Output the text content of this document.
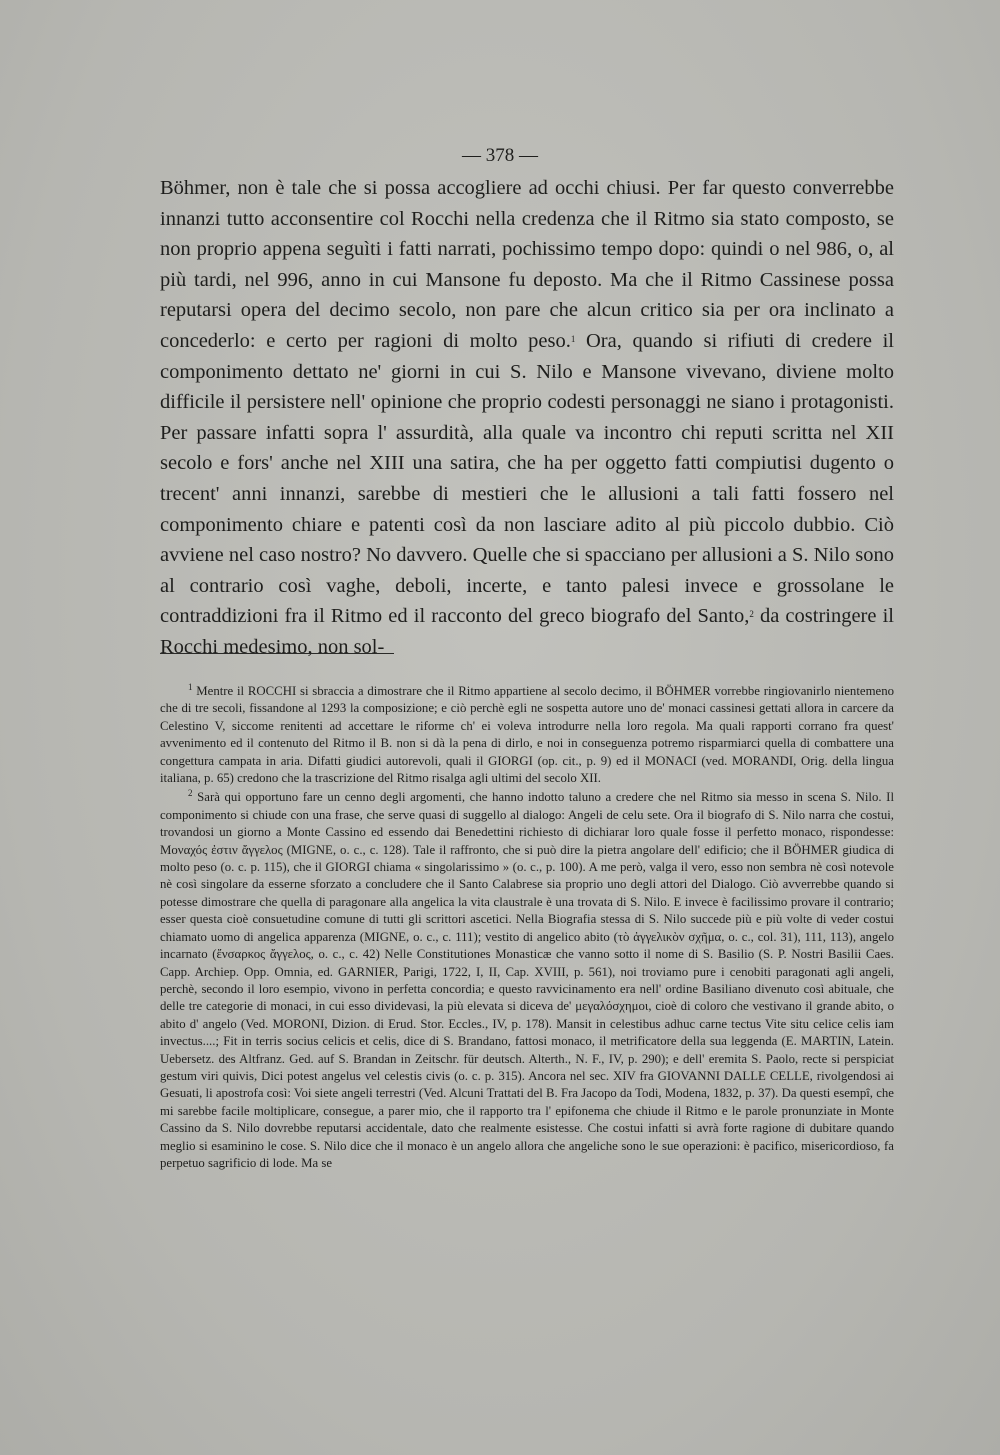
— 378 —

Böhmer, non è tale che si possa accogliere ad occhi chiusi. Per far questo converrebbe innanzi tutto acconsentire col Rocchi nella credenza che il Ritmo sia stato composto, se non proprio appena seguìti i fatti narrati, pochissimo tempo dopo: quindi o nel 986, o, al più tardi, nel 996, anno in cui Mansone fu deposto. Ma che il Ritmo Cassinese possa reputarsi opera del decimo secolo, non pare che alcun critico sia per ora inclinato a concederlo: e certo per ragioni di molto peso.$^1$ Ora, quando si rifiuti di credere il componimento dettato ne' giorni in cui S. Nilo e Mansone vivevano, diviene molto difficile il persistere nell' opinione che proprio codesti personaggi ne siano i protagonisti. Per passare infatti sopra l' assurdità, alla quale va incontro chi reputi scritta nel XII secolo e fors' anche nel XIII una satira, che ha per oggetto fatti compiutisi dugento o trecent' anni innanzi, sarebbe di mestieri che le allusioni a tali fatti fossero nel componimento chiare e patenti così da non lasciare adito al più piccolo dubbio. Ciò avviene nel caso nostro? No davvero. Quelle che si spacciano per allusioni a S. Nilo sono al contrario così vaghe, deboli, incerte, e tanto palesi invece e grossolane le contraddizioni fra il Ritmo ed il racconto del greco biografo del Santo,$^2$ da costringere il Rocchi medesimo, non sol-

$^1$ Mentre il ROCCHI si sbraccia a dimostrare che il Ritmo appartiene al secolo decimo, il BÖHMER vorrebbe ringiovanirlo nientemeno che di tre secoli, fissandone al 1293 la composizione; e ciò perchè egli ne sospetta autore uno de' monaci cassinesi gettati allora in carcere da Celestino V, siccome renitenti ad accettare le riforme ch' ei voleva introdurre nella loro regola. Ma quali rapporti corrano fra quest' avvenimento ed il contenuto del Ritmo il B. non si dà la pena di dirlo, e noi in conseguenza potremo risparmiarci quella di combattere una congettura campata in aria. Difatti giudici autorevoli, quali il GIORGI (op. cit., p. 9) ed il MONACI (ved. MORANDI, Orig. della lingua italiana, p. 65) credono che la trascrizione del Ritmo risalga agli ultimi del secolo XII.

$^2$ Sarà qui opportuno fare un cenno degli argomenti, che hanno indotto taluno a credere che nel Ritmo sia messo in scena S. Nilo. Il componimento si chiude con una frase, che serve quasi di suggello al dialogo: Angeli de celu sete. Ora il biografo di S. Nilo narra che costui, trovandosi un giorno a Monte Cassino ed essendo dai Benedettini richiesto di dichiarar loro quale fosse il perfetto monaco, rispondesse: Μοναχός ἐστιν ἄγγελος (MIGNE, o. c., c. 128). Tale il raffronto, che si può dire la pietra angolare dell' edificio; che il BÖHMER giudica di molto peso (o. c. p. 115), che il GIORGI chiama « singolarissimo » (o. c., p. 100). A me però, valga il vero, esso non sembra nè così notevole nè così singolare da esserne sforzato a concludere che il Santo Calabrese sia proprio uno degli attori del Dialogo. Ciò avverrebbe quando si potesse dimostrare che quella di paragonare alla angelica la vita claustrale è una trovata di S. Nilo. E invece è facilissimo provare il contrario; esser questa cioè consuetudine comune di tutti gli scrittori ascetici. Nella Biografia stessa di S. Nilo succede più e più volte di veder costui chiamato uomo di angelica apparenza (MIGNE, o. c., c. 111); vestito di angelico abito (τὸ ἀγγελικὸν σχῆμα, o. c., col. 31), 111, 113), angelo incarnato (ἔνσαρκος ἄγγελος, o. c., c. 42) Nelle Constitutiones Monasticæ che vanno sotto il nome di S. Basilio (S. P. Nostri Basilii Caes. Capp. Archiep. Opp. Omnia, ed. GARNIER, Parigi, 1722, I, II, Cap. XVIII, p. 561), noi troviamo pure i cenobiti paragonati agli angeli, perchè, secondo il loro esempio, vivono in perfetta concordia; e questo ravvicinamento era nell' ordine Basiliano divenuto così abituale, che delle tre categorie di monaci, in cui esso dividevasi, la più elevata si diceva de' μεγαλόσχημοι, cioè di coloro che vestivano il grande abito, o abito d' angelo (Ved. MORONI, Dizion. di Erud. Stor. Eccles., IV, p. 178). Mansit in celestibus adhuc carne tectus Vite situ celice celis iam invectus....; Fit in terris socius celicis et celis, dice di S. Brandano, fattosi monaco, il metrificatore della sua leggenda (E. MARTIN, Latein. Uebersetz. des Altfranz. Ged. auf S. Brandan in Zeitschr. für deutsch. Alterth., N. F., IV, p. 290); e dell' eremita S. Paolo, recte si perspiciat gestum viri quivis, Dici potest angelus vel celestis civis (o. c. p. 315). Ancora nel sec. XIV fra GIOVANNI DALLE CELLE, rivolgendosi ai Gesuati, li apostrofa così: Voi siete angeli terrestri (Ved. Alcuni Trattati del B. Fra Jacopo da Todi, Modena, 1832, p. 37). Da questi esempî, che mi sarebbe facile moltiplicare, consegue, a parer mio, che il rapporto tra l' epifonema che chiude il Ritmo e le parole pronunziate in Monte Cassino da S. Nilo dovrebbe reputarsi accidentale, dato che realmente esistesse. Che costui infatti si avrà forte ragione di dubitare quando meglio si esaminino le cose. S. Nilo dice che il monaco è un angelo allora che angeliche sono le sue operazioni: è pacifico, misericordioso, fa perpetuo sagrificio di lode. Ma se
